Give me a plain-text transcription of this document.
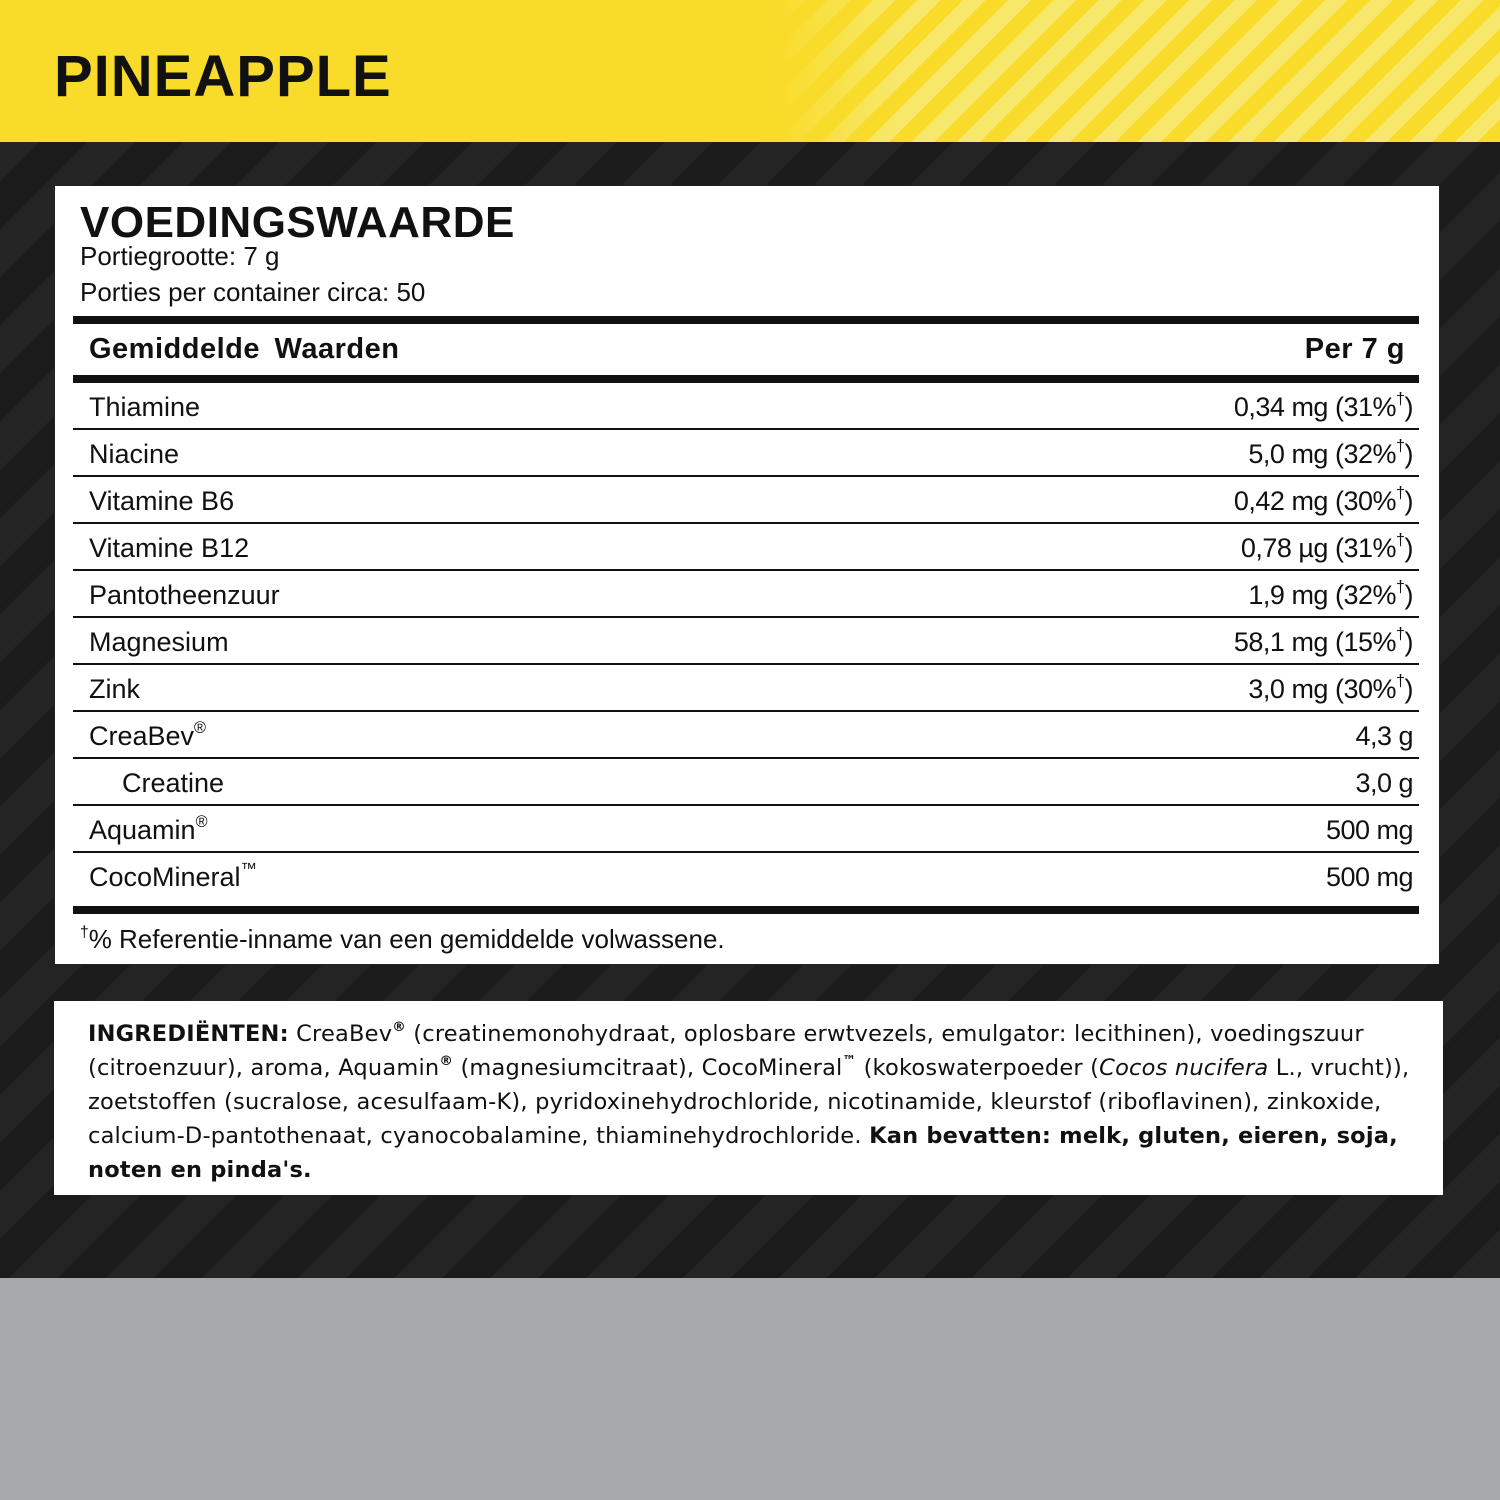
PINEAPPLE
VOEDINGSWAARDE
Portiegrootte: 7 g
Porties per container circa: 50
Gemiddelde Waarden	Per 7 g
Thiamine	0,34 mg (31%†)
Niacine	5,0 mg (32%†)
Vitamine B6	0,42 mg (30%†)
Vitamine B12	0,78 µg (31%†)
Pantotheenzuur	1,9 mg (32%†)
Magnesium	58,1 mg (15%†)
Zink	3,0 mg (30%†)
CreaBev®	4,3 g
Creatine	3,0 g
Aquamin®	500 mg
CocoMineral™	500 mg
†% Referentie-inname van een gemiddelde volwassene.

INGREDIËNTEN: CreaBev® (creatinemonohydraat, oplosbare erwtvezels, emulgator: lecithinen), voedingszuur (citroenzuur), aroma, Aquamin® (magnesiumcitraat), CocoMineral™ (kokoswaterpoeder (Cocos nucifera L., vrucht)), zoetstoffen (sucralose, acesulfaam-K), pyridoxinehydrochloride, nicotinamide, kleurstof (riboflavinen), zinkoxide, calcium-D-pantothenaat, cyanocobalamine, thiaminehydrochloride. Kan bevatten: melk, gluten, eieren, soja, noten en pinda's.
